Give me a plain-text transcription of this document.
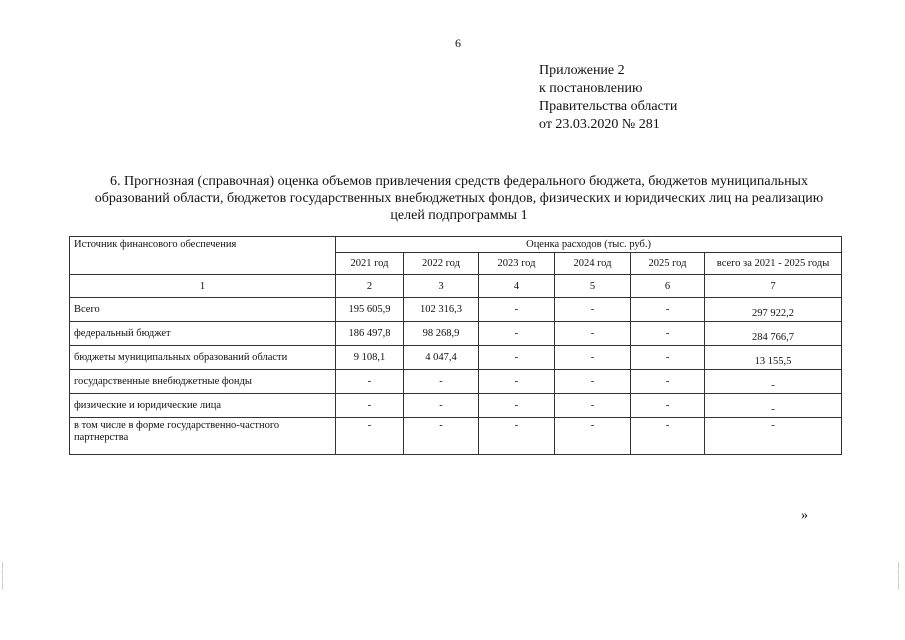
6
Приложение 2
к постановлению
Правительства области
от 23.03.2020 № 281
6. Прогнозная (справочная) оценка объемов привлечения средств федерального бюджета, бюджетов муниципальных образований области, бюджетов государственных внебюджетных фондов, физических и юридических лиц на реализацию целей подпрограммы 1
Источник финансового обеспечения	Оценка расходов (тыс. руб.)					
	2021 год	2022 год	2023 год	2024 год	2025 год	всего за 2021 - 2025 годы
1	2	3	4	5	6	7
Всего	195 605,9	102 316,3	-	-	-	297 922,2
федеральный бюджет	186 497,8	98 268,9	-	-	-	284 766,7
бюджеты муниципальных образований области	9 108,1	4 047,4	-	-	-	13 155,5
государственные внебюджетные фонды	-	-	-	-	-	-
физические и юридические лица	-	-	-	-	-	-
в том числе в форме государственно-частного партнерства	-	-	-	-	-	-
»
|
|
|
|
|
|
|
|
